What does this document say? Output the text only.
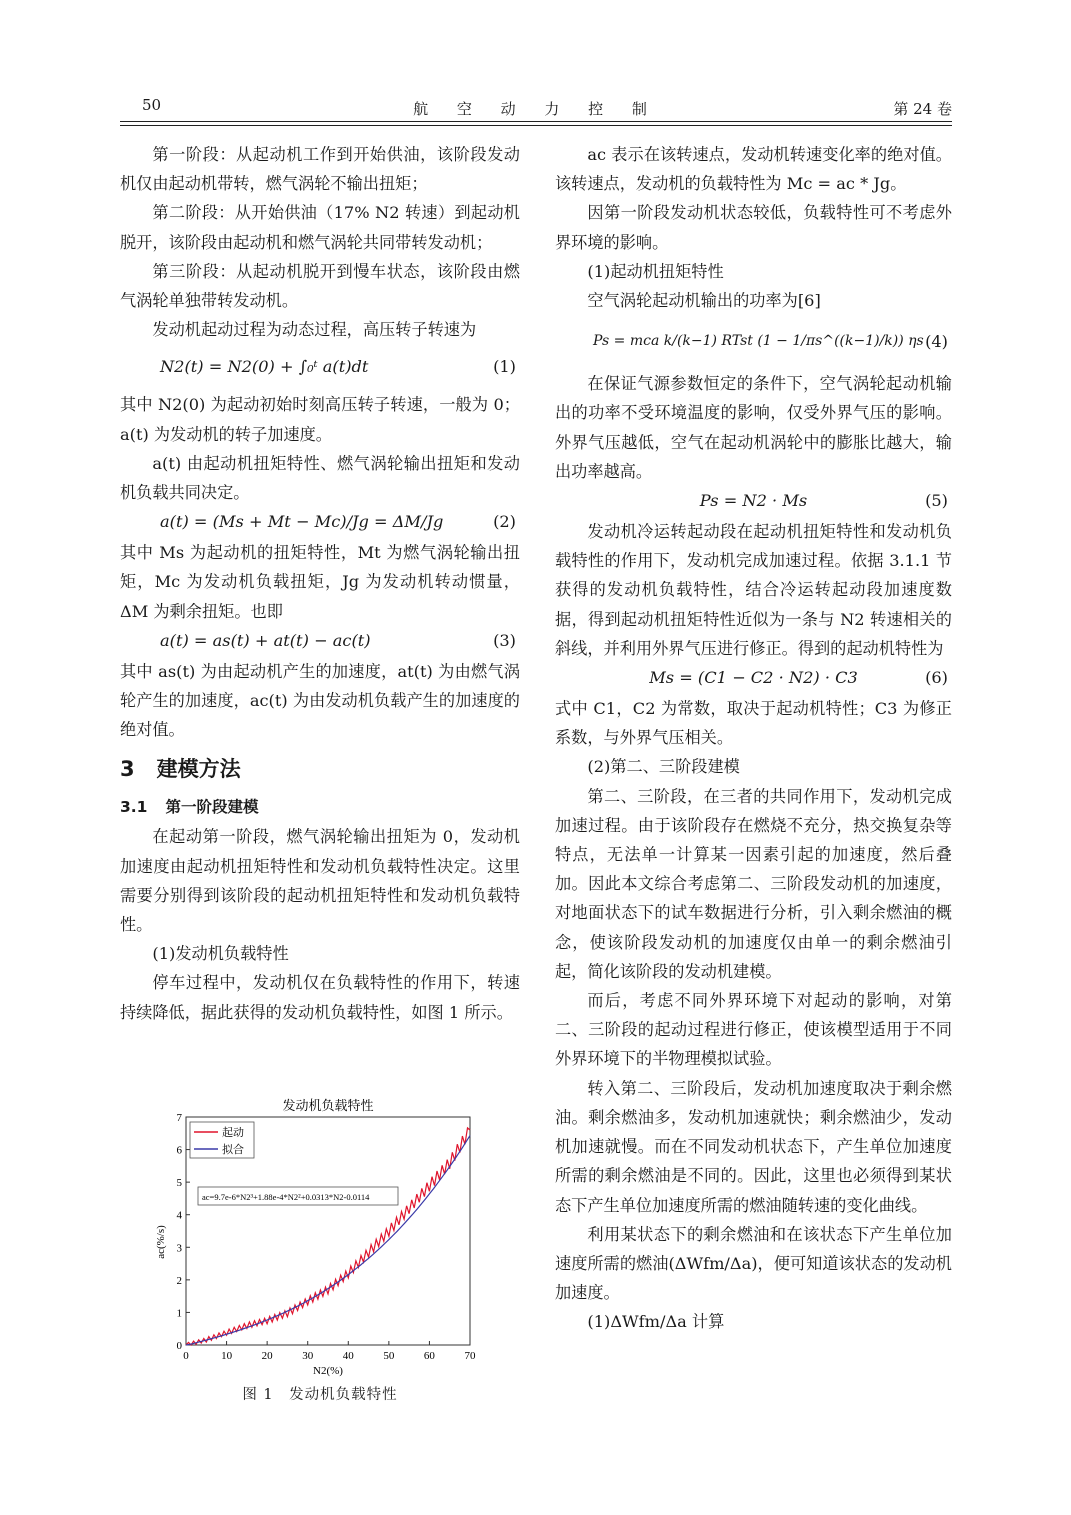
50	航 空 动 力 控 制	第 24 卷

第一阶段：从起动机工作到开始供油，该阶段发动机仅由起动机带转，燃气涡轮不输出扭矩；

第二阶段：从开始供油（17% N2 转速）到起动机脱开，该阶段由起动机和燃气涡轮共同带转发动机；

第三阶段：从起动机脱开到慢车状态，该阶段由燃气涡轮单独带转发动机。

发动机起动过程为动态过程，高压转子转速为

N2(t) = N2(0) + ∫₀ᵗ a(t)dt	(1)

其中 N2(0) 为起动初始时刻高压转子转速，一般为 0；a(t) 为发动机的转子加速度。

a(t) 由起动机扭矩特性、燃气涡轮输出扭矩和发动机负载共同决定。

a(t) = (Ms + Mt − Mc)/Jg = ΔM/Jg	(2)

其中 Ms 为起动机的扭矩特性，Mt 为燃气涡轮输出扭矩，Mc 为发动机负载扭矩，Jg 为发动机转动惯量，ΔM 为剩余扭矩。也即

a(t) = as(t) + at(t) − ac(t)	(3)

其中 as(t) 为由起动机产生的加速度，at(t) 为由燃气涡轮产生的加速度，ac(t) 为由发动机负载产生的加速度的绝对值。

3 建模方法
3.1 第一阶段建模

在起动第一阶段，燃气涡轮输出扭矩为 0，发动机加速度由起动机扭矩特性和发动机负载特性决定。这里需要分别得到该阶段的起动机扭矩特性和发动机负载特性。

(1)发动机负载特性

停车过程中，发动机仅在负载特性的作用下，转速持续降低，据此获得的发动机负载特性，如图 1 所示。

发动机负载特性
0	10	20	30	40	50	60	70
0
1
2
3
4
5
6
7
起动
拟合
ac=9.7e-6*N2³+1.88e-4*N2²+0.0313*N2-0.0114
ac(%/s)
N2(%)
图 1　发动机负载特性

ac 表示在该转速点，发动机转速变化率的绝对值。该转速点，发动机的负载特性为 Mc = ac * Jg。

因第一阶段发动机状态较低，负载特性可不考虑外界环境的影响。

(1)起动机扭矩特性

空气涡轮起动机输出的功率为[6]

Ps = mca k/(k−1) RTst (1 − 1/πs^((k−1)/k)) ηs (4)

在保证气源参数恒定的条件下，空气涡轮起动机输出的功率不受环境温度的影响，仅受外界气压的影响。外界气压越低，空气在起动机涡轮中的膨胀比越大，输出功率越高。

Ps = N2 · Ms	(5)

发动机冷运转起动段在起动机扭矩特性和发动机负载特性的作用下，发动机完成加速过程。依据 3.1.1 节获得的发动机负载特性，结合冷运转起动段加速度数据，得到起动机扭矩特性近似为一条与 N2 转速相关的斜线，并利用外界气压进行修正。得到的起动机特性为

Ms = (C1 − C2 · N2) · C3	(6)

式中 C1，C2 为常数，取决于起动机特性；C3 为修正系数，与外界气压相关。

(2)第二、三阶段建模

第二、三阶段，在三者的共同作用下，发动机完成加速过程。由于该阶段存在燃烧不充分，热交换复杂等特点，无法单一计算某一因素引起的加速度，然后叠加。因此本文综合考虑第二、三阶段发动机的加速度，对地面状态下的试车数据进行分析，引入剩余燃油的概念，使该阶段发动机的加速度仅由单一的剩余燃油引起，简化该阶段的发动机建模。

而后，考虑不同外界环境下对起动的影响，对第二、三阶段的起动过程进行修正，使该模型适用于不同外界环境下的半物理模拟试验。

转入第二、三阶段后，发动机加速度取决于剩余燃油。剩余燃油多，发动机加速就快；剩余燃油少，发动机加速就慢。而在不同发动机状态下，产生单位加速度所需的剩余燃油是不同的。因此，这里也必须得到某状态下产生单位加速度所需的燃油随转速的变化曲线。

利用某状态下的剩余燃油和在该状态下产生单位加速度所需的燃油(ΔWfm/Δa)，便可知道该状态的发动机加速度。

(1)ΔWfm/Δa 计算
